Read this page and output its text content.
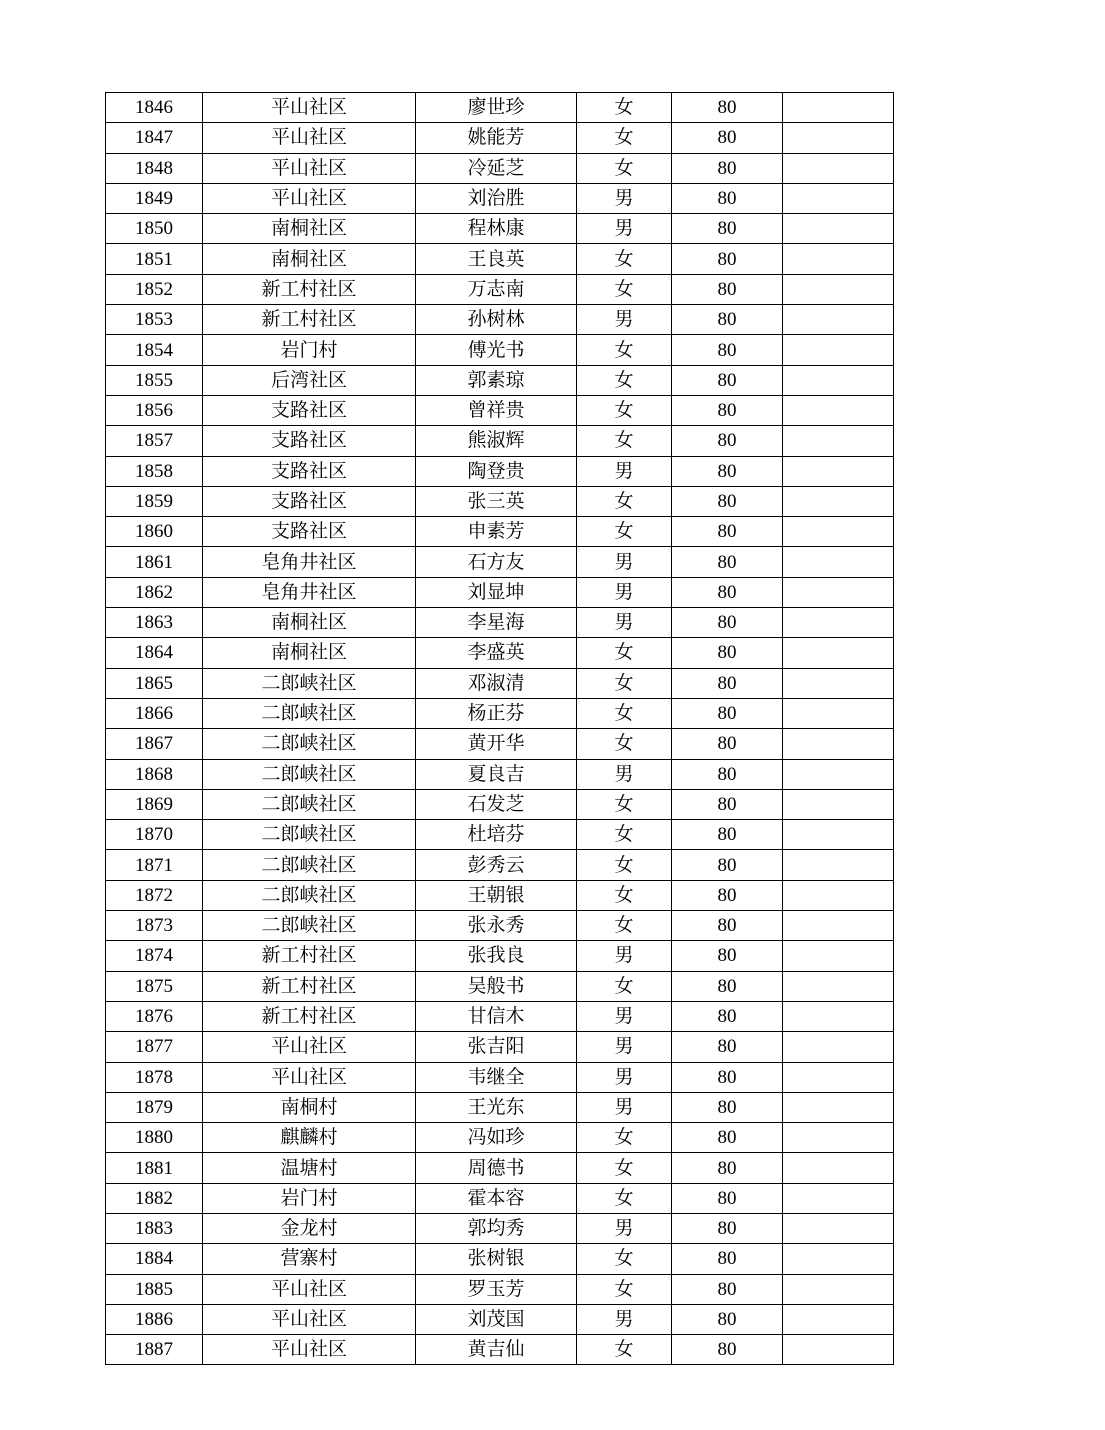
1846	平山社区	廖世珍	女	80	
1847	平山社区	姚能芳	女	80	
1848	平山社区	冷延芝	女	80	
1849	平山社区	刘治胜	男	80	
1850	南桐社区	程林康	男	80	
1851	南桐社区	王良英	女	80	
1852	新工村社区	万志南	女	80	
1853	新工村社区	孙树林	男	80	
1854	岩门村	傅光书	女	80	
1855	后湾社区	郭素琼	女	80	
1856	支路社区	曾祥贵	女	80	
1857	支路社区	熊淑辉	女	80	
1858	支路社区	陶登贵	男	80	
1859	支路社区	张三英	女	80	
1860	支路社区	申素芳	女	80	
1861	皂角井社区	石方友	男	80	
1862	皂角井社区	刘显坤	男	80	
1863	南桐社区	李星海	男	80	
1864	南桐社区	李盛英	女	80	
1865	二郎峡社区	邓淑清	女	80	
1866	二郎峡社区	杨正芬	女	80	
1867	二郎峡社区	黄开华	女	80	
1868	二郎峡社区	夏良吉	男	80	
1869	二郎峡社区	石发芝	女	80	
1870	二郎峡社区	杜培芬	女	80	
1871	二郎峡社区	彭秀云	女	80	
1872	二郎峡社区	王朝银	女	80	
1873	二郎峡社区	张永秀	女	80	
1874	新工村社区	张我良	男	80	
1875	新工村社区	吴般书	女	80	
1876	新工村社区	甘信木	男	80	
1877	平山社区	张吉阳	男	80	
1878	平山社区	韦继全	男	80	
1879	南桐村	王光东	男	80	
1880	麒麟村	冯如珍	女	80	
1881	温塘村	周德书	女	80	
1882	岩门村	霍本容	女	80	
1883	金龙村	郭均秀	男	80	
1884	营寨村	张树银	女	80	
1885	平山社区	罗玉芳	女	80	
1886	平山社区	刘茂国	男	80	
1887	平山社区	黄吉仙	女	80	
